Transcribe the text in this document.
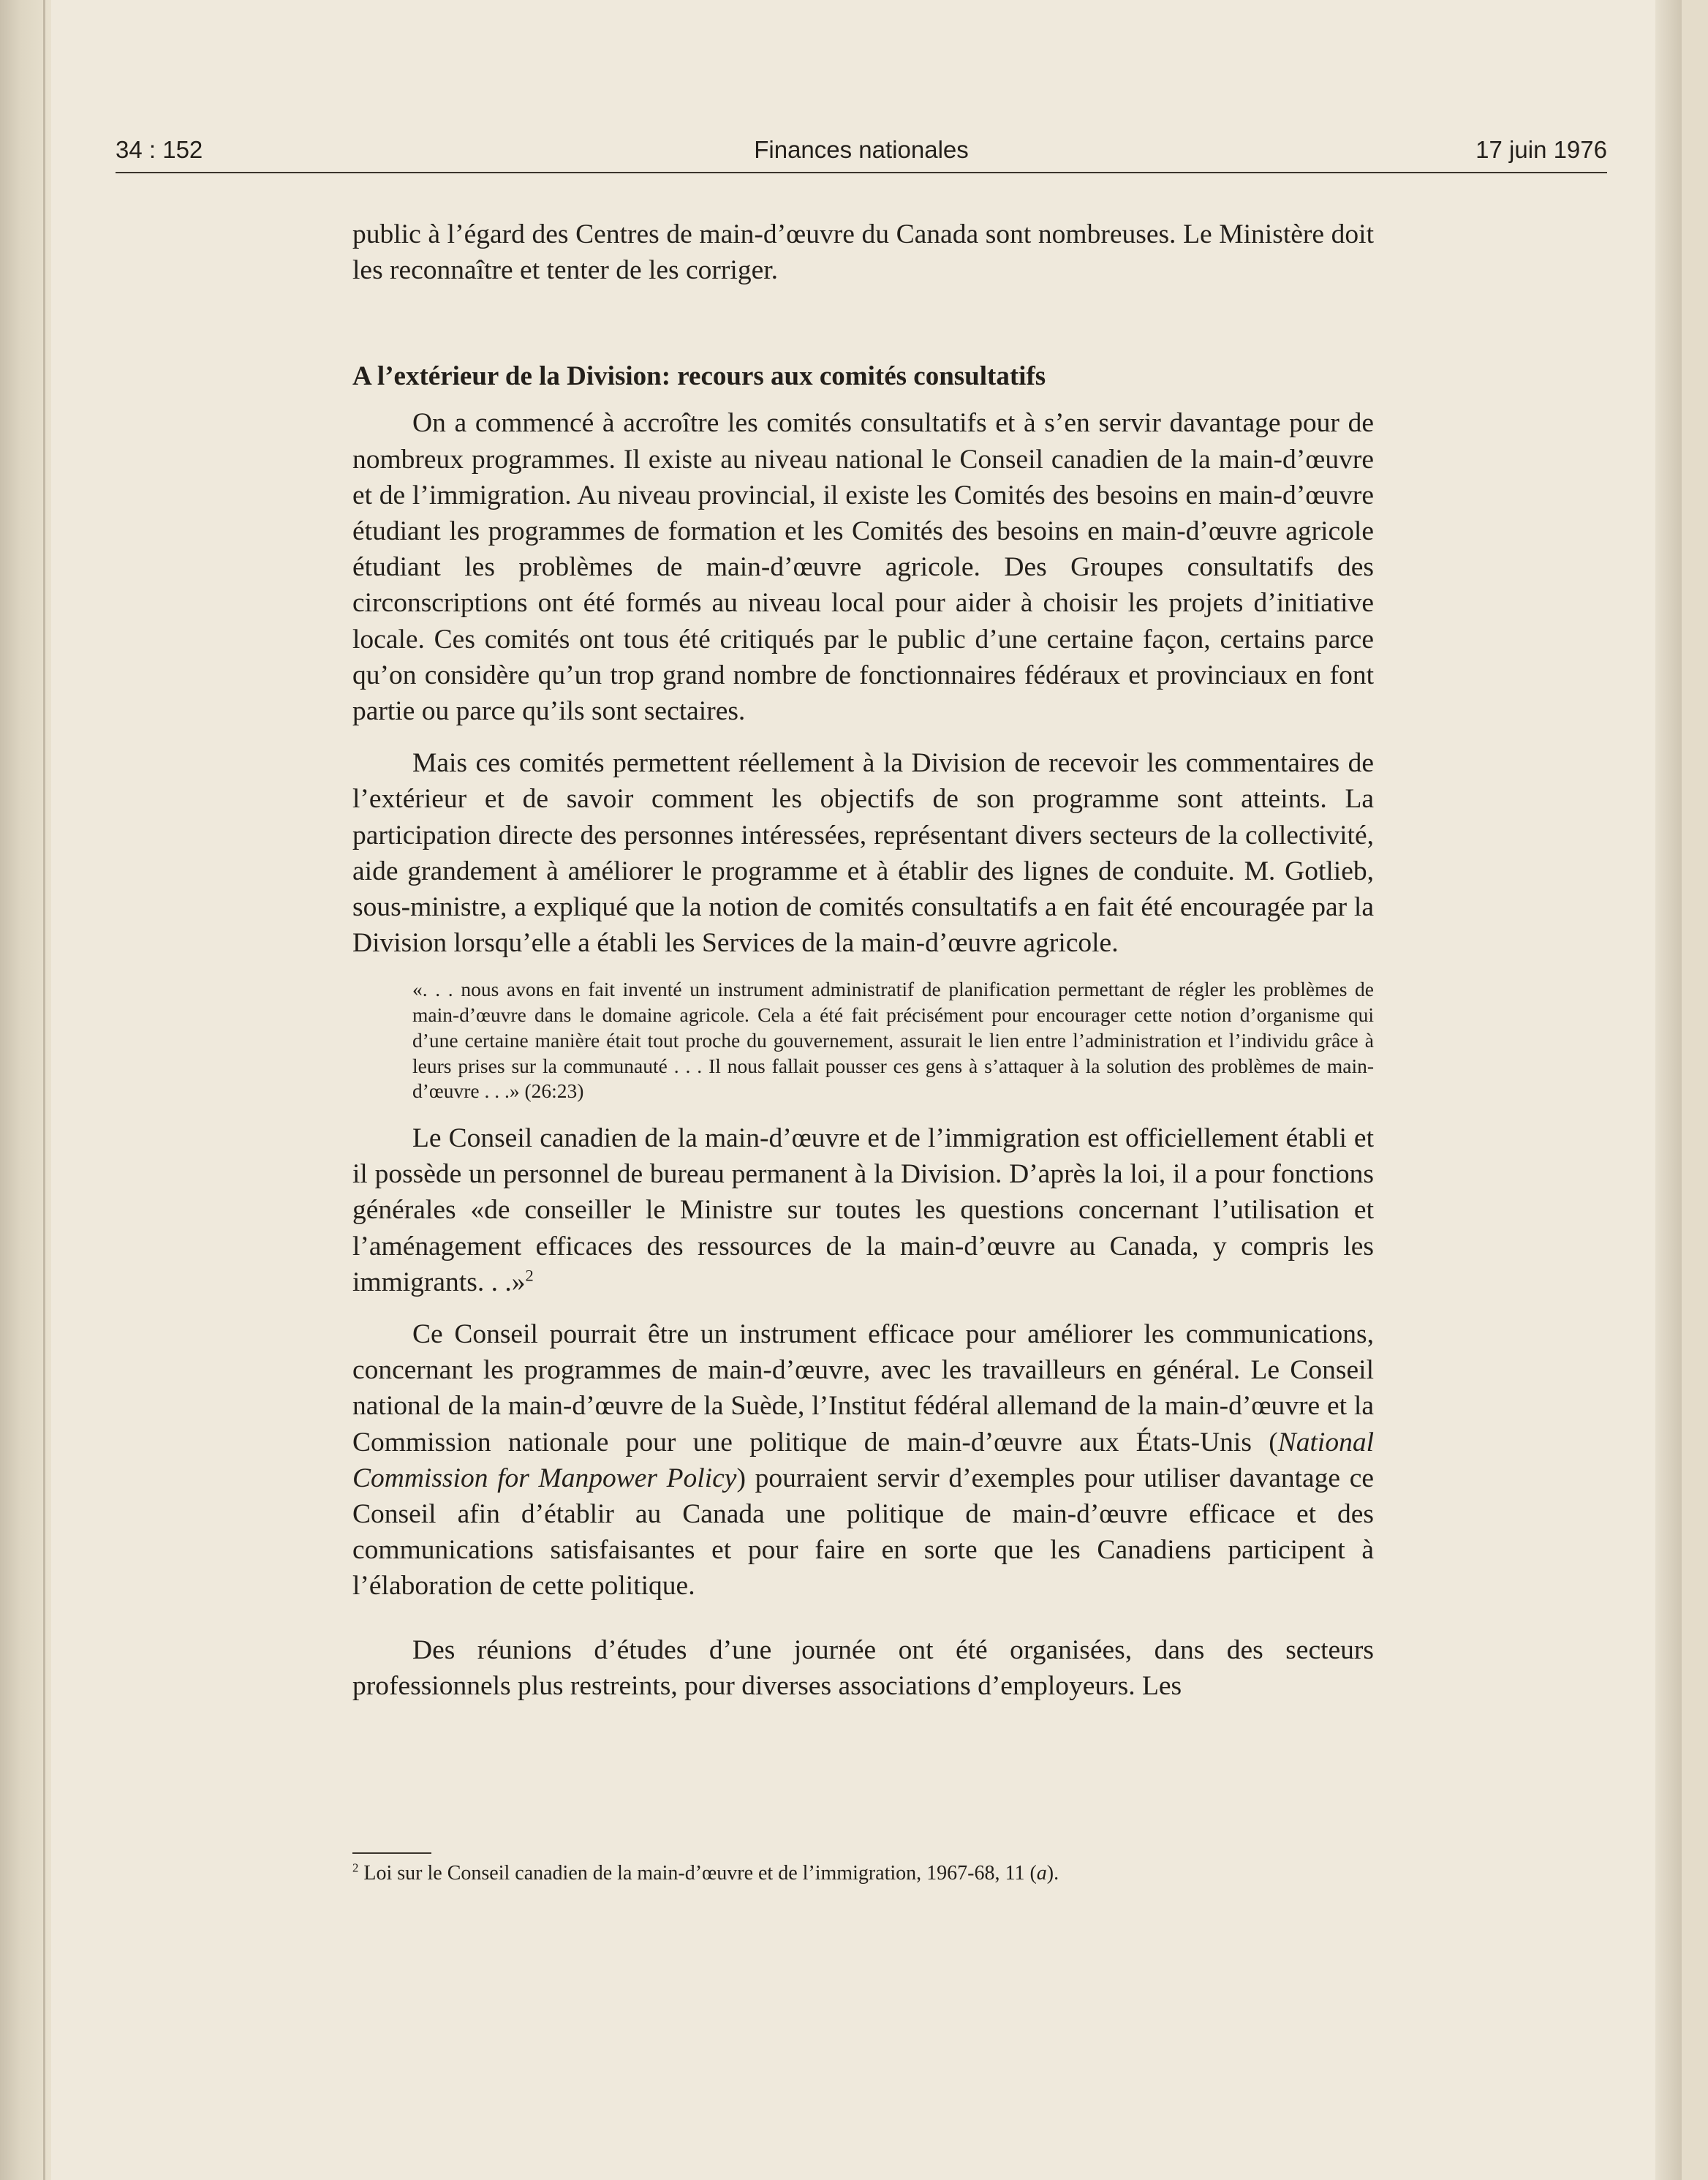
34 : 152	Finances nationales	17 juin 1976

public à l’égard des Centres de main-d’œuvre du Canada sont nombreuses. Le Ministère doit les reconnaître et tenter de les corriger.

A l’extérieur de la Division: recours aux comités consultatifs

On a commencé à accroître les comités consultatifs et à s’en servir davantage pour de nombreux programmes. Il existe au niveau national le Conseil canadien de la main-d’œuvre et de l’immigration. Au niveau provincial, il existe les Comités des besoins en main-d’œuvre étudiant les programmes de formation et les Comités des besoins en main-d’œuvre agricole étudiant les problèmes de main-d’œuvre agricole. Des Groupes consultatifs des circonscriptions ont été formés au niveau local pour aider à choisir les projets d’initiative locale. Ces comités ont tous été critiqués par le public d’une certaine façon, certains parce qu’on considère qu’un trop grand nombre de fonctionnaires fédéraux et provinciaux en font partie ou parce qu’ils sont sectaires.

Mais ces comités permettent réellement à la Division de recevoir les commentaires de l’extérieur et de savoir comment les objectifs de son programme sont atteints. La participation directe des personnes intéressées, représentant divers secteurs de la collectivité, aide grandement à améliorer le programme et à établir des lignes de conduite. M. Gotlieb, sous-ministre, a expliqué que la notion de comités consultatifs a en fait été encouragée par la Division lorsqu’elle a établi les Services de la main-d’œuvre agricole.

«. . . nous avons en fait inventé un instrument administratif de planification permettant de régler les problèmes de main-d’œuvre dans le domaine agricole. Cela a été fait précisément pour encourager cette notion d’organisme qui d’une certaine manière était tout proche du gouvernement, assurait le lien entre l’administration et l’individu grâce à leurs prises sur la communauté . . . Il nous fallait pousser ces gens à s’attaquer à la solution des problèmes de main-d’œuvre . . .» (26:23)

Le Conseil canadien de la main-d’œuvre et de l’immigration est officiellement établi et il possède un personnel de bureau permanent à la Division. D’après la loi, il a pour fonctions générales «de conseiller le Ministre sur toutes les questions concernant l’utilisation et l’aménagement efficaces des ressources de la main-d’œuvre au Canada, y compris les immigrants. . .»$^2$

Ce Conseil pourrait être un instrument efficace pour améliorer les communications, concernant les programmes de main-d’œuvre, avec les travailleurs en général. Le Conseil national de la main-d’œuvre de la Suède, l’Institut fédéral allemand de la main-d’œuvre et la Commission nationale pour une politique de main-d’œuvre aux États-Unis (National Commission for Manpower Policy) pourraient servir d’exemples pour utiliser davantage ce Conseil afin d’établir au Canada une politique de main-d’œuvre efficace et des communications satisfaisantes et pour faire en sorte que les Canadiens participent à l’élaboration de cette politique.

Des réunions d’études d’une journée ont été organisées, dans des secteurs professionnels plus restreints, pour diverses associations d’employeurs. Les

$^2$ Loi sur le Conseil canadien de la main-d’œuvre et de l’immigration, 1967-68, 11 (a).
